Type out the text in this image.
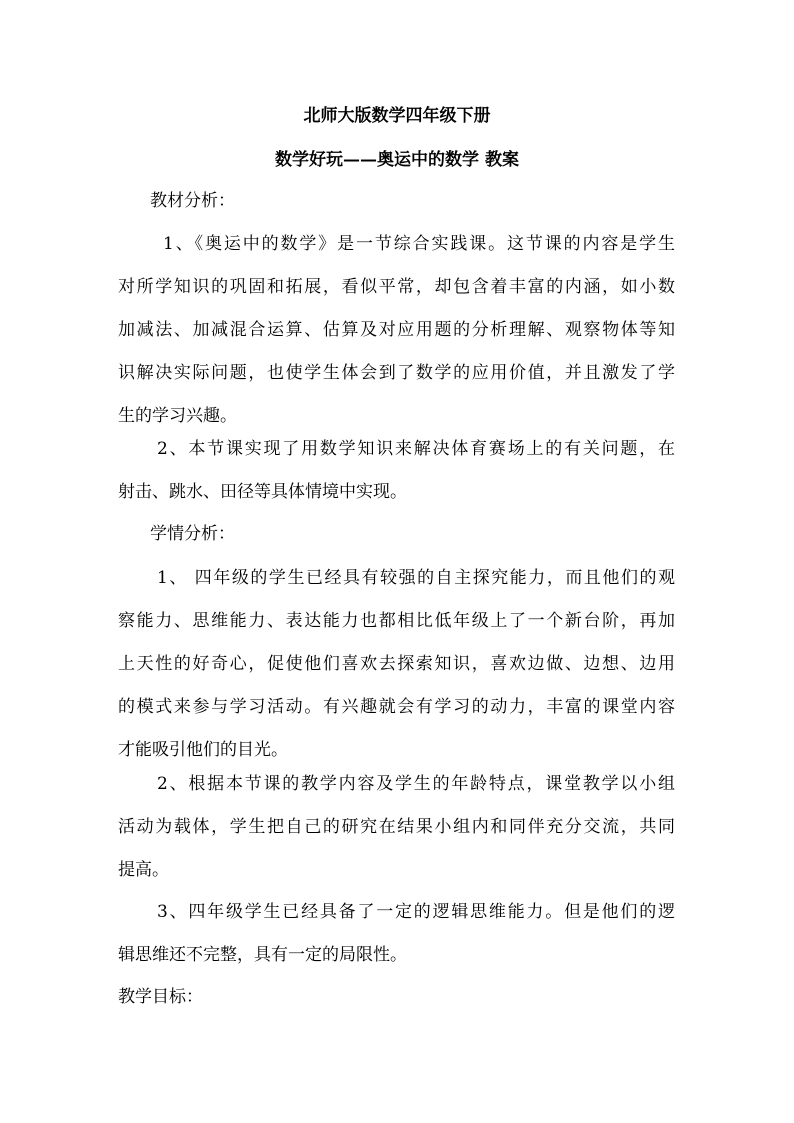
北师大版数学四年级下册

数学好玩——奥运中的数学 教案

教材分析：

1、《奥运中的数学》是一节综合实践课。这节课的内容是学生

对所学知识的巩固和拓展，看似平常，却包含着丰富的内涵，如小数

加减法、加减混合运算、估算及对应用题的分析理解、观察物体等知

识解决实际问题，也使学生体会到了数学的应用价值，并且激发了学

生的学习兴趣。

2、本节课实现了用数学知识来解决体育赛场上的有关问题，在

射击、跳水、田径等具体情境中实现。

学情分析：

1、 四年级的学生已经具有较强的自主探究能力，而且他们的观

察能力、思维能力、表达能力也都相比低年级上了一个新台阶，再加

上天性的好奇心，促使他们喜欢去探索知识，喜欢边做、边想、边用

的模式来参与学习活动。有兴趣就会有学习的动力，丰富的课堂内容

才能吸引他们的目光。

2、根据本节课的教学内容及学生的年龄特点，课堂教学以小组

活动为载体，学生把自己的研究在结果小组内和同伴充分交流，共同

提高。

3、四年级学生已经具备了一定的逻辑思维能力。但是他们的逻

辑思维还不完整，具有一定的局限性。

教学目标：
